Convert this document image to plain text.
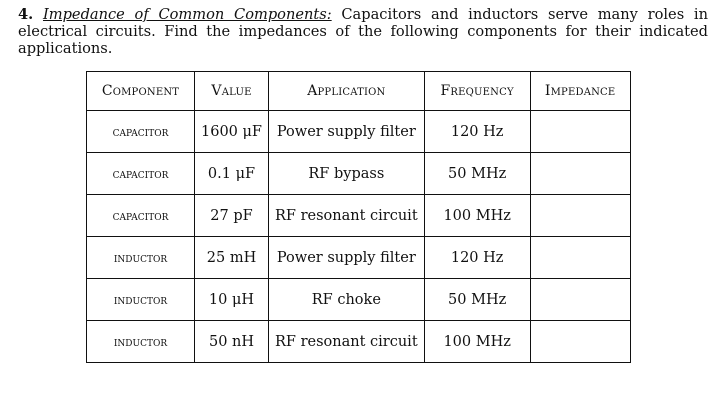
4. Impedance of Common Components: Capacitors and inductors serve many roles in electrical circuits. Find the impedances of the following components for their indicated applications.
Component	Value	Application	Frequency	Impedance
capacitor	1600 μF	Power supply filter	120 Hz	
capacitor	0.1 μF	RF bypass	50 MHz	
capacitor	27 pF	RF resonant circuit	100 MHz	
inductor	25 mH	Power supply filter	120 Hz	
inductor	10 μH	RF choke	50 MHz	
inductor	50 nH	RF resonant circuit	100 MHz	
